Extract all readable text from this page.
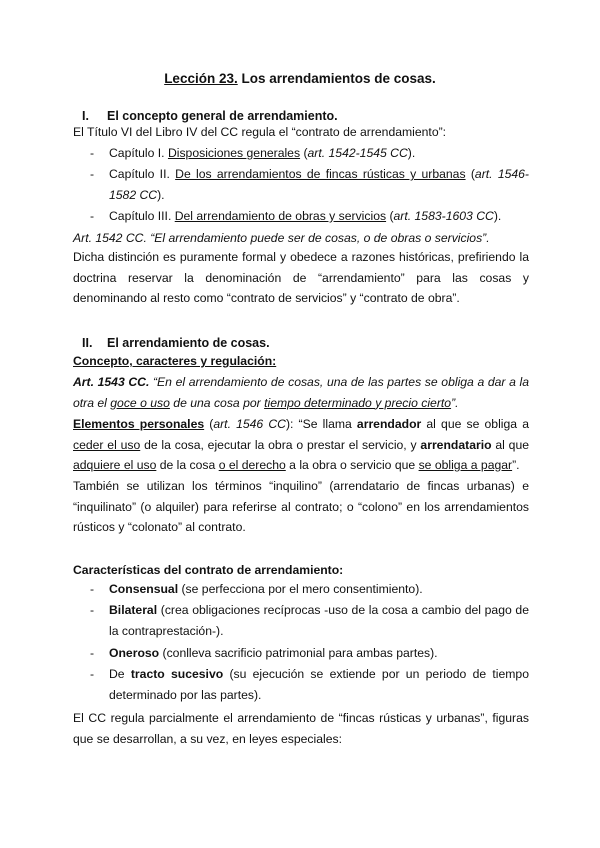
Lección 23. Los arrendamientos de cosas.
I. El concepto general de arrendamiento.
El Título VI del Libro IV del CC regula el “contrato de arrendamiento”:
- Capítulo I. Disposiciones generales (art. 1542-1545 CC).
- Capítulo II. De los arrendamientos de fincas rústicas y urbanas (art. 1546-1582 CC).
- Capítulo III. Del arrendamiento de obras y servicios (art. 1583-1603 CC).
Art. 1542 CC. “El arrendamiento puede ser de cosas, o de obras o servicios”.
Dicha distinción es puramente formal y obedece a razones históricas, prefiriendo la doctrina reservar la denominación de “arrendamiento” para las cosas y denominando al resto como “contrato de servicios” y “contrato de obra”.
II. El arrendamiento de cosas.
Concepto, caracteres y regulación:
Art. 1543 CC. “En el arrendamiento de cosas, una de las partes se obliga a dar a la otra el goce o uso de una cosa por tiempo determinado y precio cierto”.
Elementos personales (art. 1546 CC): “Se llama arrendador al que se obliga a ceder el uso de la cosa, ejecutar la obra o prestar el servicio, y arrendatario al que adquiere el uso de la cosa o el derecho a la obra o servicio que se obliga a pagar”.
También se utilizan los términos “inquilino” (arrendatario de fincas urbanas) e “inquilinato” (o alquiler) para referirse al contrato; o “colono” en los arrendamientos rústicos y “colonato” al contrato.
Características del contrato de arrendamiento:
- Consensual (se perfecciona por el mero consentimiento).
- Bilateral (crea obligaciones recíprocas -uso de la cosa a cambio del pago de la contraprestación-).
- Oneroso (conlleva sacrificio patrimonial para ambas partes).
- De tracto sucesivo (su ejecución se extiende por un periodo de tiempo determinado por las partes).
El CC regula parcialmente el arrendamiento de “fincas rústicas y urbanas”, figuras que se desarrollan, a su vez, en leyes especiales:
